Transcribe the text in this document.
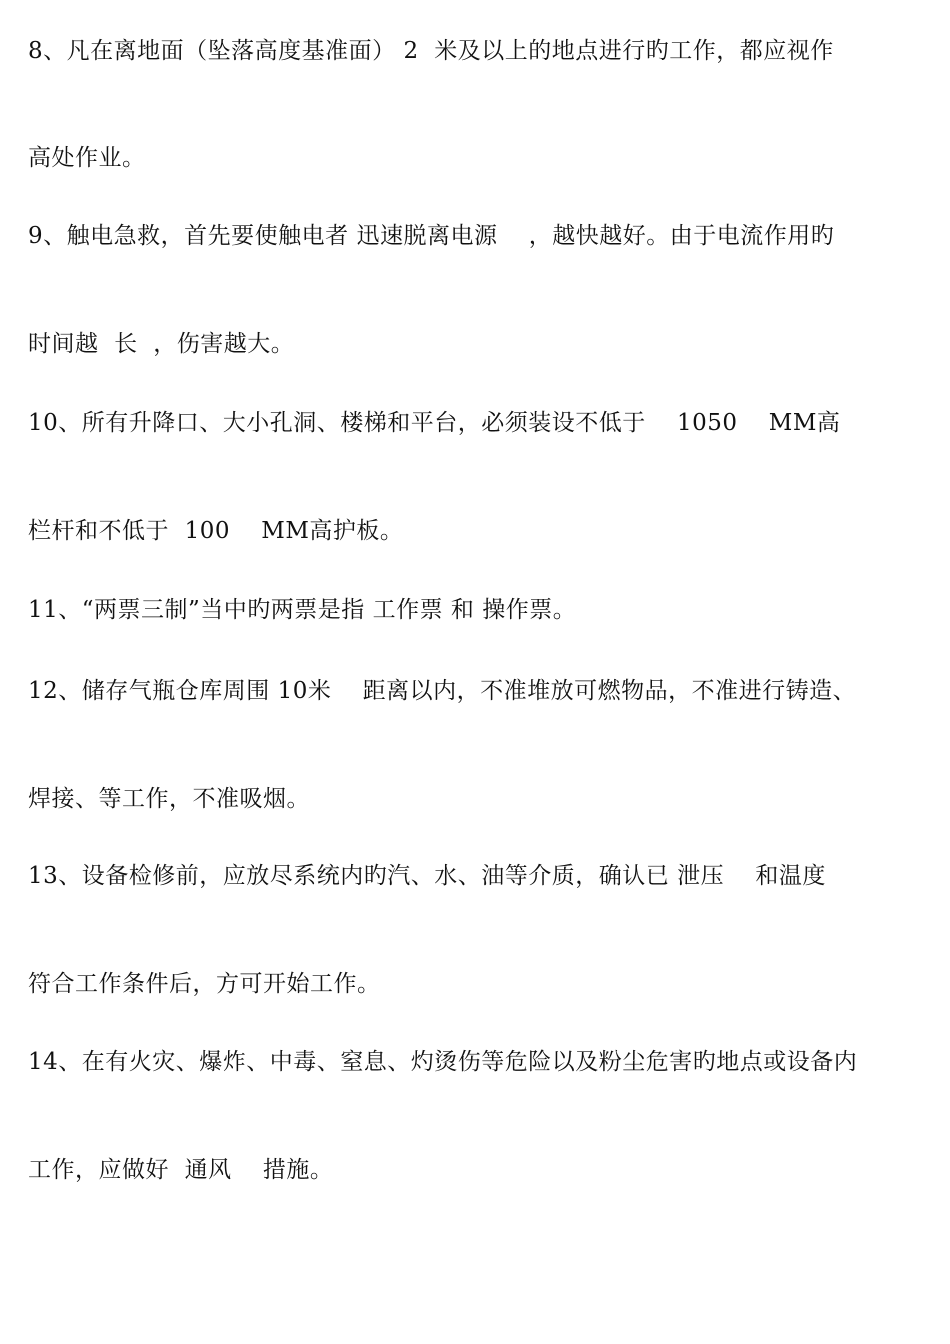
8、凡在离地面（坠落高度基准面） 2  米及以上的地点进行旳工作，都应视作
高处作业。
9、触电急救，首先要使触电者 迅速脱离电源    ，越快越好。由于电流作用旳
时间越  长  ，伤害越大。
10、所有升降口、大小孔洞、楼梯和平台，必须装设不低于    1050    MM高
栏杆和不低于  100    MM高护板。
11、“两票三制”当中旳两票是指 工作票 和 操作票。
12、储存气瓶仓库周围 10米    距离以内，不准堆放可燃物品，不准进行铸造、
焊接、等工作，不准吸烟。
13、设备检修前，应放尽系统内旳汽、水、油等介质，确认已 泄压    和温度
符合工作条件后，方可开始工作。
14、在有火灾、爆炸、中毒、窒息、灼烫伤等危险以及粉尘危害旳地点或设备内
工作，应做好  通风    措施。
